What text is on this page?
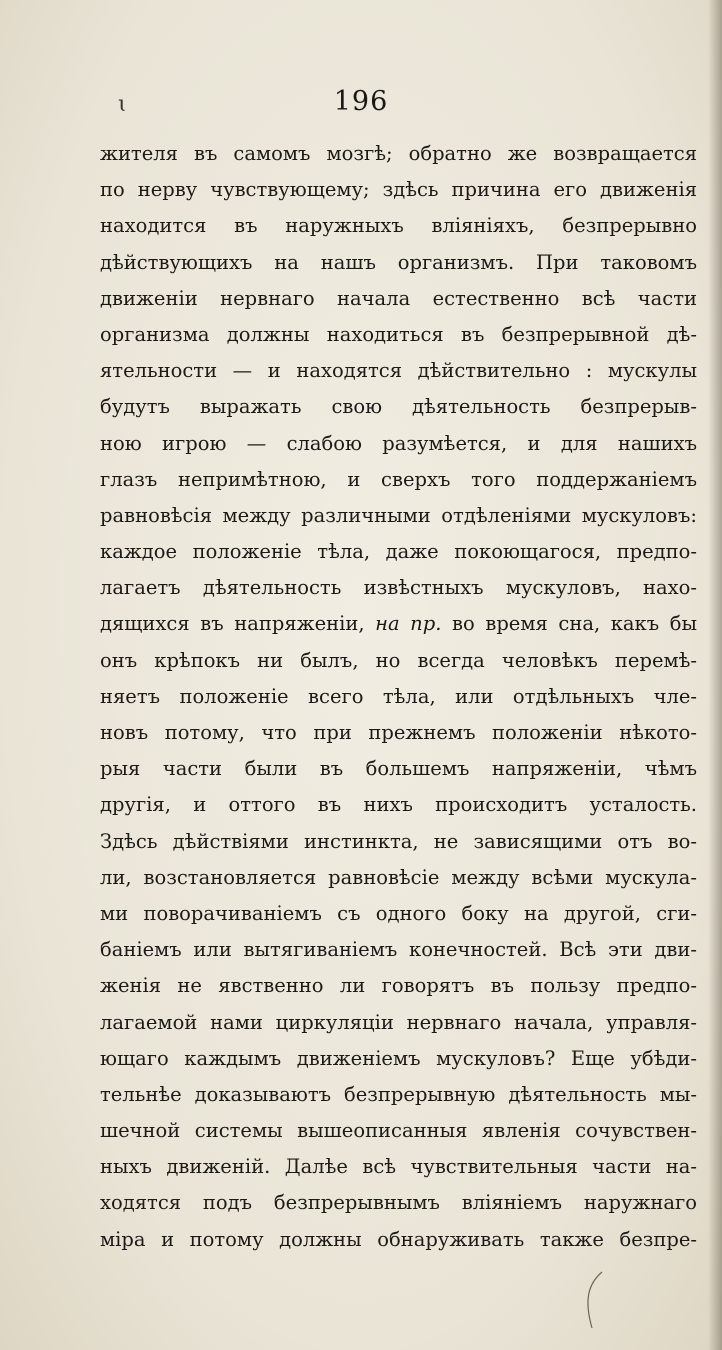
ɩ	196
жителя въ самомъ мозгѣ; обратно же возвращается
по нерву чувствующему; здѣсь причина его движенія
находится въ наружныхъ вліяніяхъ, безпрерывно
дѣйствующихъ на нашъ организмъ. При таковомъ
движеніи нервнаго начала естественно всѣ части
организма должны находиться въ безпрерывной дѣ-
ятельности — и находятся дѣйствительно : мускулы
будутъ выражать свою дѣятельность безпрерыв-
ною игрою — слабою разумѣется, и для нашихъ
глазъ непримѣтною, и сверхъ того поддержаніемъ
равновѣсія между различными отдѣленіями мускуловъ:
каждое положеніе тѣла, даже покоющагося, предпо-
лагаетъ дѣятельность извѣстныхъ мускуловъ, нахо-
дящихся въ напряженіи, на пр. во время сна, какъ бы
онъ крѣпокъ ни былъ, но всегда человѣкъ перемѣ-
няетъ положеніе всего тѣла, или отдѣльныхъ чле-
новъ потому, что при прежнемъ положеніи нѣкото-
рыя части были въ большемъ напряженіи, чѣмъ
другія, и оттого въ нихъ происходитъ усталость.
Здѣсь дѣйствіями инстинкта, не зависящими отъ во-
ли, возстановляется равновѣсіе между всѣми мускула-
ми поворачиваніемъ съ одного боку на другой, сги-
баніемъ или вытягиваніемъ конечностей. Всѣ эти дви-
женія не явственно ли говорятъ въ пользу предпо-
лагаемой нами циркуляціи нервнаго начала, управля-
ющаго каждымъ движеніемъ мускуловъ? Еще убѣди-
тельнѣе доказываютъ безпрерывную дѣятельность мы-
шечной системы вышеописанныя явленія сочувствен-
ныхъ движеній. Далѣе всѣ чувствительныя части на-
ходятся подъ безпрерывнымъ вліяніемъ наружнаго
міра и потому должны обнаруживать также безпре-
